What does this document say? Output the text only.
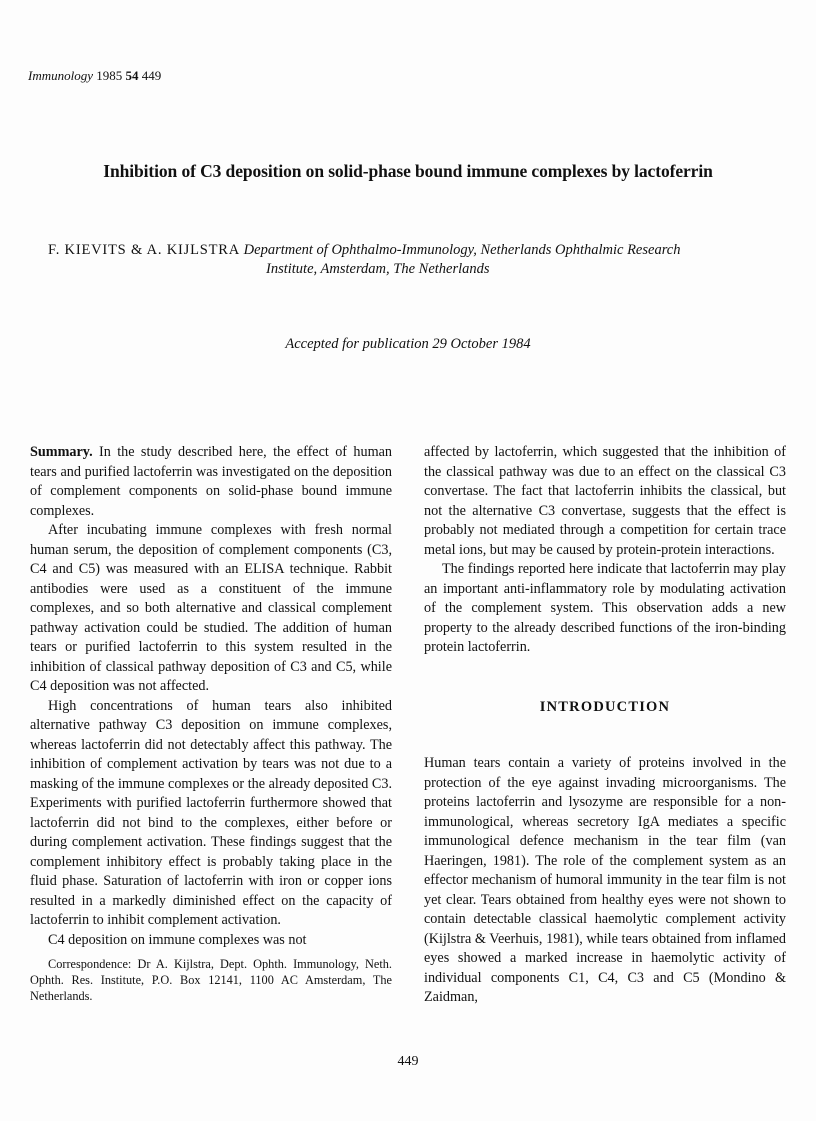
Immunology 1985 54 449
Inhibition of C3 deposition on solid-phase bound immune complexes by lactoferrin
F. KIEVITS & A. KIJLSTRA Department of Ophthalmo-Immunology, Netherlands Ophthalmic Research
Institute, Amsterdam, The Netherlands
Accepted for publication 29 October 1984

Summary. In the study described here, the effect of human tears and purified lactoferrin was investigated on the deposition of complement components on solid-phase bound immune complexes.

After incubating immune complexes with fresh normal human serum, the deposition of complement components (C3, C4 and C5) was measured with an ELISA technique. Rabbit antibodies were used as a constituent of the immune complexes, and so both alternative and classical complement pathway activation could be studied. The addition of human tears or purified lactoferrin to this system resulted in the inhibition of classical pathway deposition of C3 and C5, while C4 deposition was not affected.

High concentrations of human tears also inhibited alternative pathway C3 deposition on immune complexes, whereas lactoferrin did not detectably affect this pathway. The inhibition of complement activation by tears was not due to a masking of the immune complexes or the already deposited C3. Experiments with purified lactoferrin furthermore showed that lactoferrin did not bind to the complexes, either before or during complement activation. These findings suggest that the complement inhibitory effect is probably taking place in the fluid phase. Saturation of lactoferrin with iron or copper ions resulted in a markedly diminished effect on the capacity of lactoferrin to inhibit complement activation.

C4 deposition on immune complexes was not

Correspondence: Dr A. Kijlstra, Dept. Ophth. Immunology, Neth. Ophth. Res. Institute, P.O. Box 12141, 1100 AC Amsterdam, The Netherlands.

affected by lactoferrin, which suggested that the inhibition of the classical pathway was due to an effect on the classical C3 convertase. The fact that lactoferrin inhibits the classical, but not the alternative C3 convertase, suggests that the effect is probably not mediated through a competition for certain trace metal ions, but may be caused by protein-protein interactions.

The findings reported here indicate that lactoferrin may play an important anti-inflammatory role by modulating activation of the complement system. This observation adds a new property to the already described functions of the iron-binding protein lactoferrin.

INTRODUCTION

Human tears contain a variety of proteins involved in the protection of the eye against invading microorganisms. The proteins lactoferrin and lysozyme are responsible for a non-immunological, whereas secretory IgA mediates a specific immunological defence mechanism in the tear film (van Haeringen, 1981). The role of the complement system as an effector mechanism of humoral immunity in the tear film is not yet clear. Tears obtained from healthy eyes were not shown to contain detectable classical haemolytic complement activity (Kijlstra & Veerhuis, 1981), while tears obtained from inflamed eyes showed a marked increase in haemolytic activity of individual components C1, C4, C3 and C5 (Mondino & Zaidman,

449
